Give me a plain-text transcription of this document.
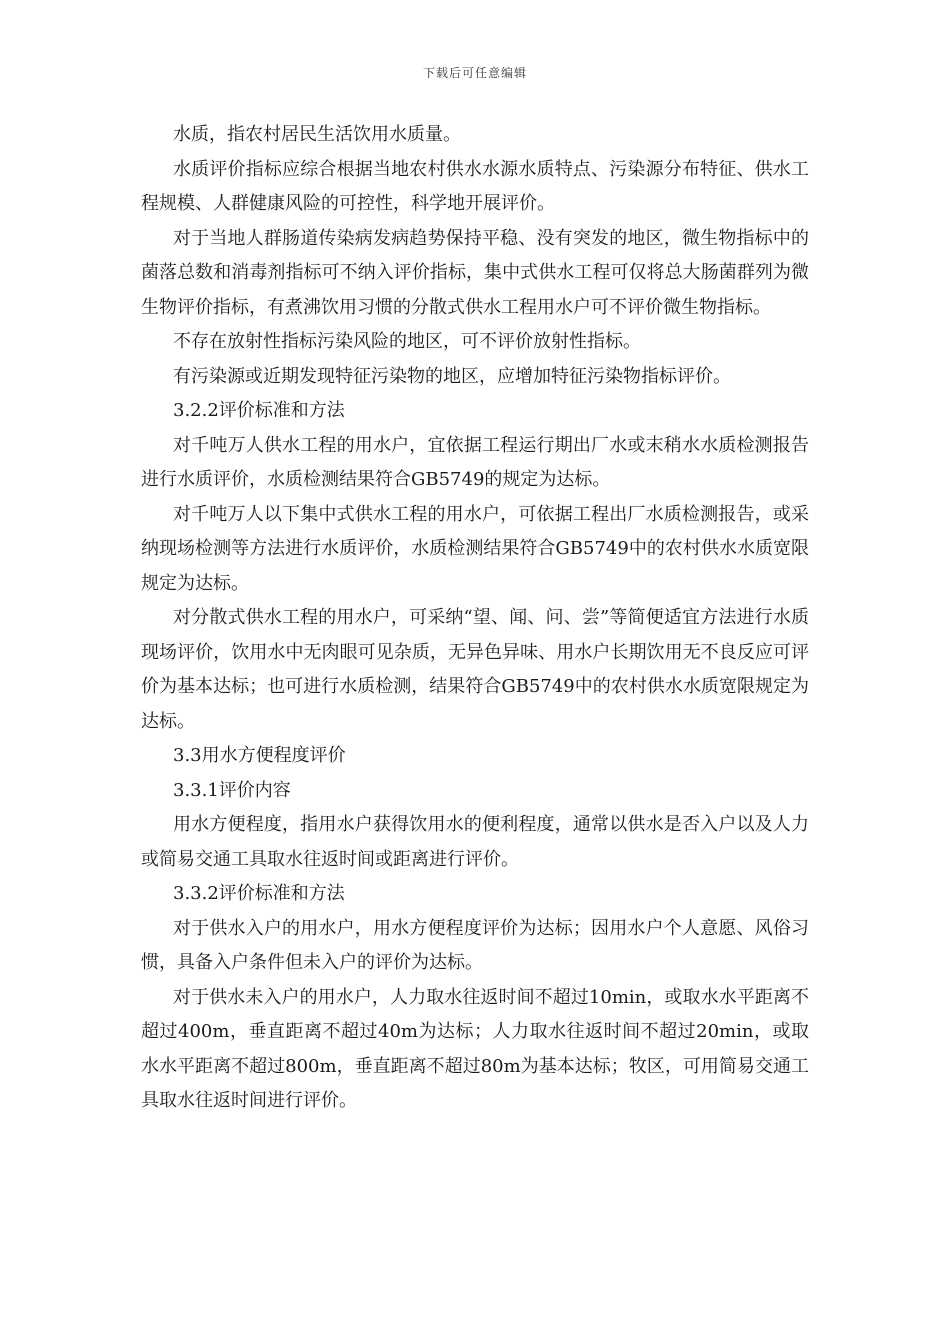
下载后可任意编辑

水质，指农村居民生活饮用水质量。

水质评价指标应综合根据当地农村供水水源水质特点、污染源分布特征、供水工程规模、人群健康风险的可控性，科学地开展评价。

对于当地人群肠道传染病发病趋势保持平稳、没有突发的地区，微生物指标中的菌落总数和消毒剂指标可不纳入评价指标，集中式供水工程可仅将总大肠菌群列为微生物评价指标，有煮沸饮用习惯的分散式供水工程用水户可不评价微生物指标。

不存在放射性指标污染风险的地区，可不评价放射性指标。

有污染源或近期发现特征污染物的地区，应增加特征污染物指标评价。

3.2.2评价标准和方法

对千吨万人供水工程的用水户，宜依据工程运行期出厂水或末稍水水质检测报告进行水质评价，水质检测结果符合GB5749的规定为达标。

对千吨万人以下集中式供水工程的用水户，可依据工程出厂水质检测报告，或采纳现场检测等方法进行水质评价，水质检测结果符合GB5749中的农村供水水质宽限规定为达标。

对分散式供水工程的用水户，可采纳“望、闻、问、尝”等简便适宜方法进行水质现场评价，饮用水中无肉眼可见杂质，无异色异味、用水户长期饮用无不良反应可评价为基本达标；也可进行水质检测，结果符合GB5749中的农村供水水质宽限规定为达标。

3.3用水方便程度评价

3.3.1评价内容

用水方便程度，指用水户获得饮用水的便利程度，通常以供水是否入户以及人力或简易交通工具取水往返时间或距离进行评价。

3.3.2评价标准和方法

对于供水入户的用水户，用水方便程度评价为达标；因用水户个人意愿、风俗习惯，具备入户条件但未入户的评价为达标。

对于供水未入户的用水户，人力取水往返时间不超过10min，或取水水平距离不超过400m，垂直距离不超过40m为达标；人力取水往返时间不超过20min，或取水水平距离不超过800m，垂直距离不超过80m为基本达标；牧区，可用简易交通工具取水往返时间进行评价。
